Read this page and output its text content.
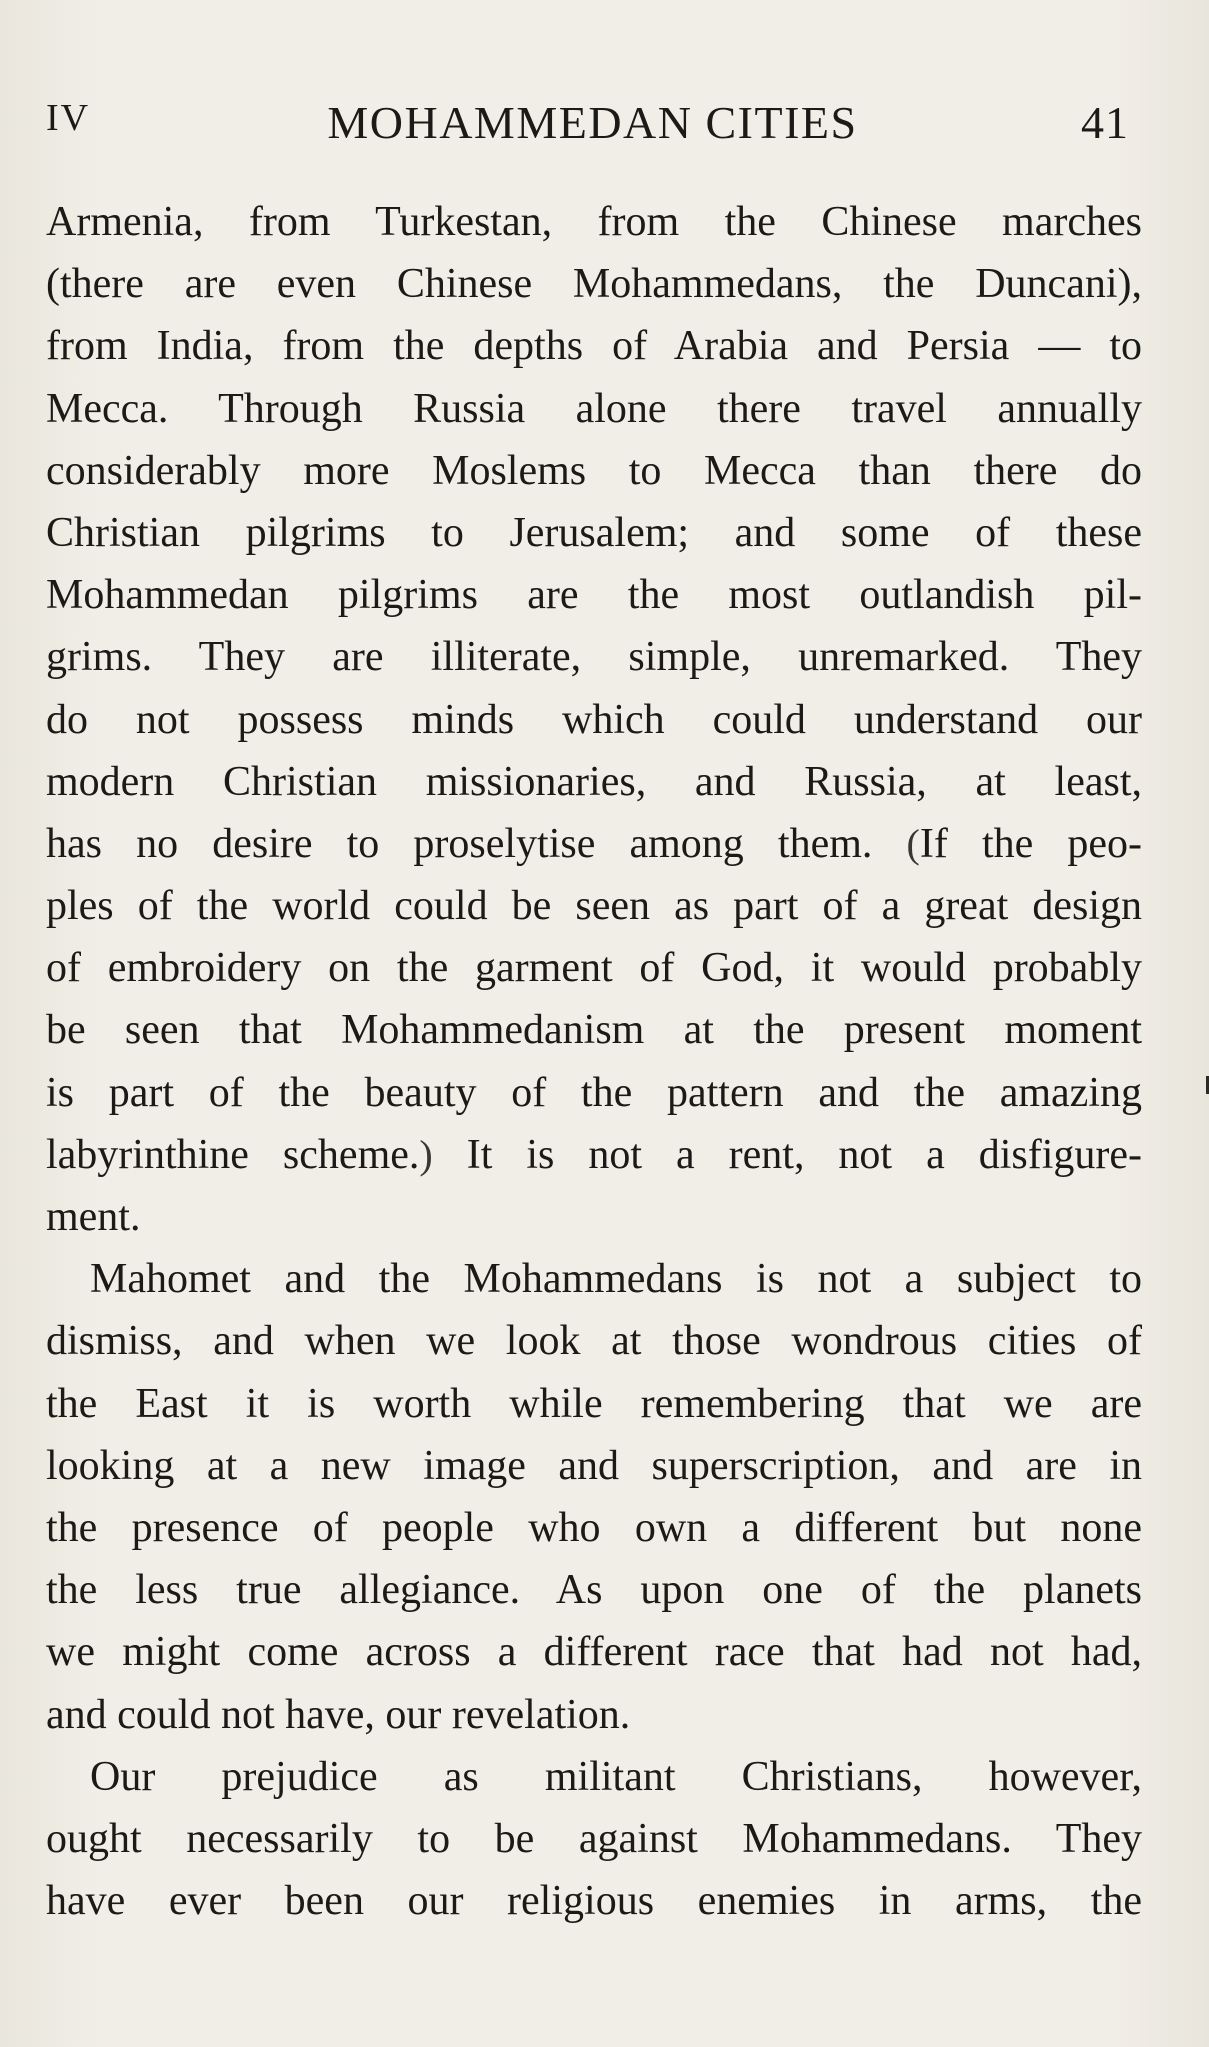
IV	MOHAMMEDAN CITIES	41
Armenia, from Turkestan, from the Chinese marches
(there are even Chinese Mohammedans, the Duncani),
from India, from the depths of Arabia and Persia — to
Mecca. Through Russia alone there travel annually
considerably more Moslems to Mecca than there do
Christian pilgrims to Jerusalem; and some of these
Mohammedan pilgrims are the most outlandish pil-
grims. They are illiterate, simple, unremarked. They
do not possess minds which could understand our
modern Christian missionaries, and Russia, at least,
has no desire to proselytise among them. (If the peo-
ples of the world could be seen as part of a great design
of embroidery on the garment of God, it would probably
be seen that Mohammedanism at the present moment
is part of the beauty of the pattern and the amazing
labyrinthine scheme.) It is not a rent, not a disfigure-
ment.
Mahomet and the Mohammedans is not a subject to
dismiss, and when we look at those wondrous cities of
the East it is worth while remembering that we are
looking at a new image and superscription, and are in
the presence of people who own a different but none
the less true allegiance. As upon one of the planets
we might come across a different race that had not had,
and could not have, our revelation.
Our prejudice as militant Christians, however,
ought necessarily to be against Mohammedans. They
have ever been our religious enemies in arms, the
